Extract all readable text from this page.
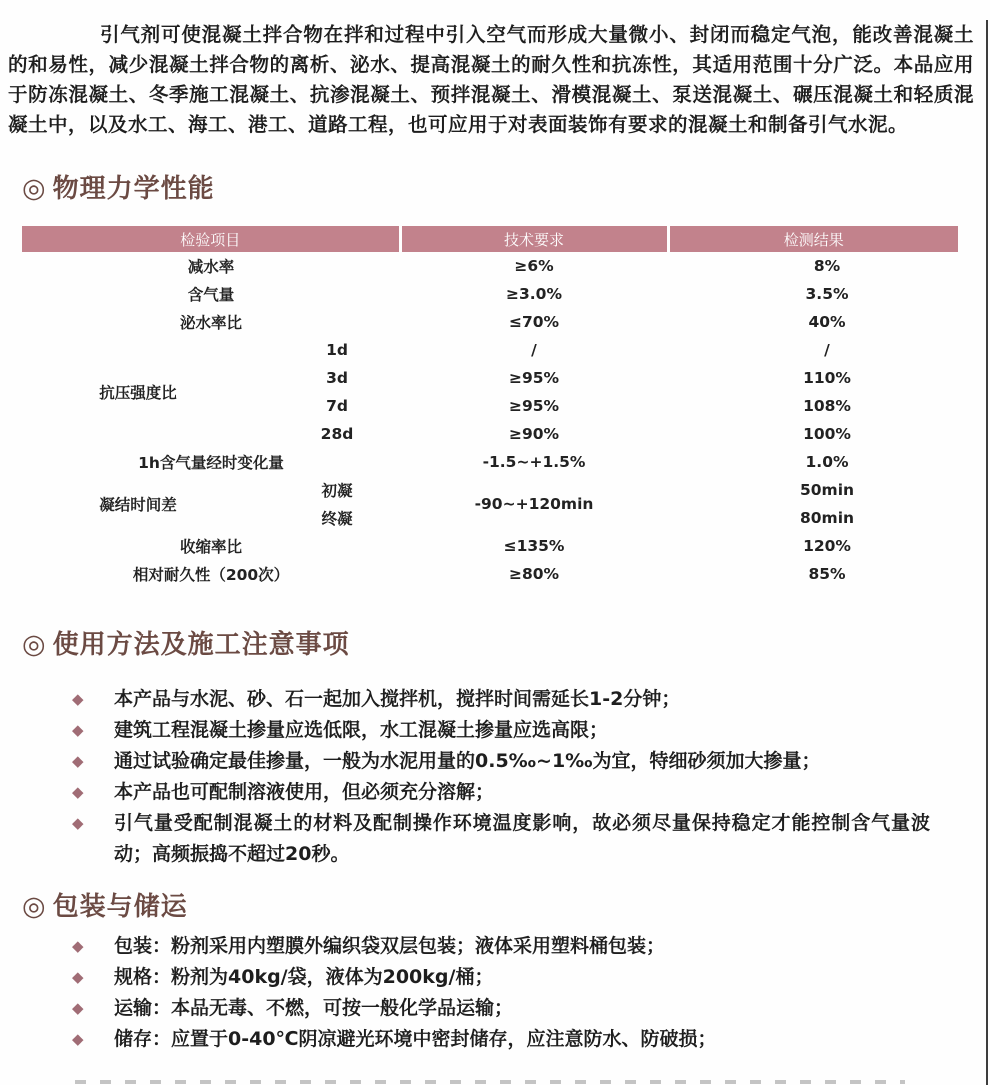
引气剂可使混凝土拌合物在拌和过程中引入空气而形成大量微小、封闭而稳定气泡，能改善混凝土的和易性，减少混凝土拌合物的离析、泌水、提高混凝土的耐久性和抗冻性，其适用范围十分广泛。本品应用于防冻混凝土、冬季施工混凝土、抗渗混凝土、预拌混凝土、滑模混凝土、泵送混凝土、碾压混凝土和轻质混凝土中，以及水工、海工、港工、道路工程，也可应用于对表面装饰有要求的混凝土和制备引气水泥。

◎ 物理力学性能
检验项目		技术要求	检测结果
减水率		≥6%	8%
含气量		≥3.0%	3.5%
泌水率比		≤70%	40%
抗压强度比	1d	/	/
	3d	≥95%	110%
	7d	≥95%	108%
	28d	≥90%	100%
1h含气量经时变化量		-1.5~+1.5%	1.0%
凝结时间差	初凝	-90~+120min	50min
	终凝		80min
收缩率比		≤135%	120%
相对耐久性（200次）		≥80%	85%
◎ 使用方法及施工注意事项
◆ 本产品与水泥、砂、石一起加入搅拌机，搅拌时间需延长1-2分钟；
◆ 建筑工程混凝土掺量应选低限，水工混凝土掺量应选高限；
◆ 通过试验确定最佳掺量，一般为水泥用量的0.5‰~1‰为宜，特细砂须加大掺量；
◆ 本产品也可配制溶液使用，但必须充分溶解；
◆ 引气量受配制混凝土的材料及配制操作环境温度影响，故必须尽量保持稳定才能控制含气量波动；高频振捣不超过20秒。
◎ 包装与储运
◆ 包装：粉剂采用内塑膜外编织袋双层包装；液体采用塑料桶包装；
◆ 规格：粉剂为40kg/袋，液体为200kg/桶；
◆ 运输：本品无毒、不燃，可按一般化学品运输；
◆ 储存：应置于0-40℃阴凉避光环境中密封储存，应注意防水、防破损；
